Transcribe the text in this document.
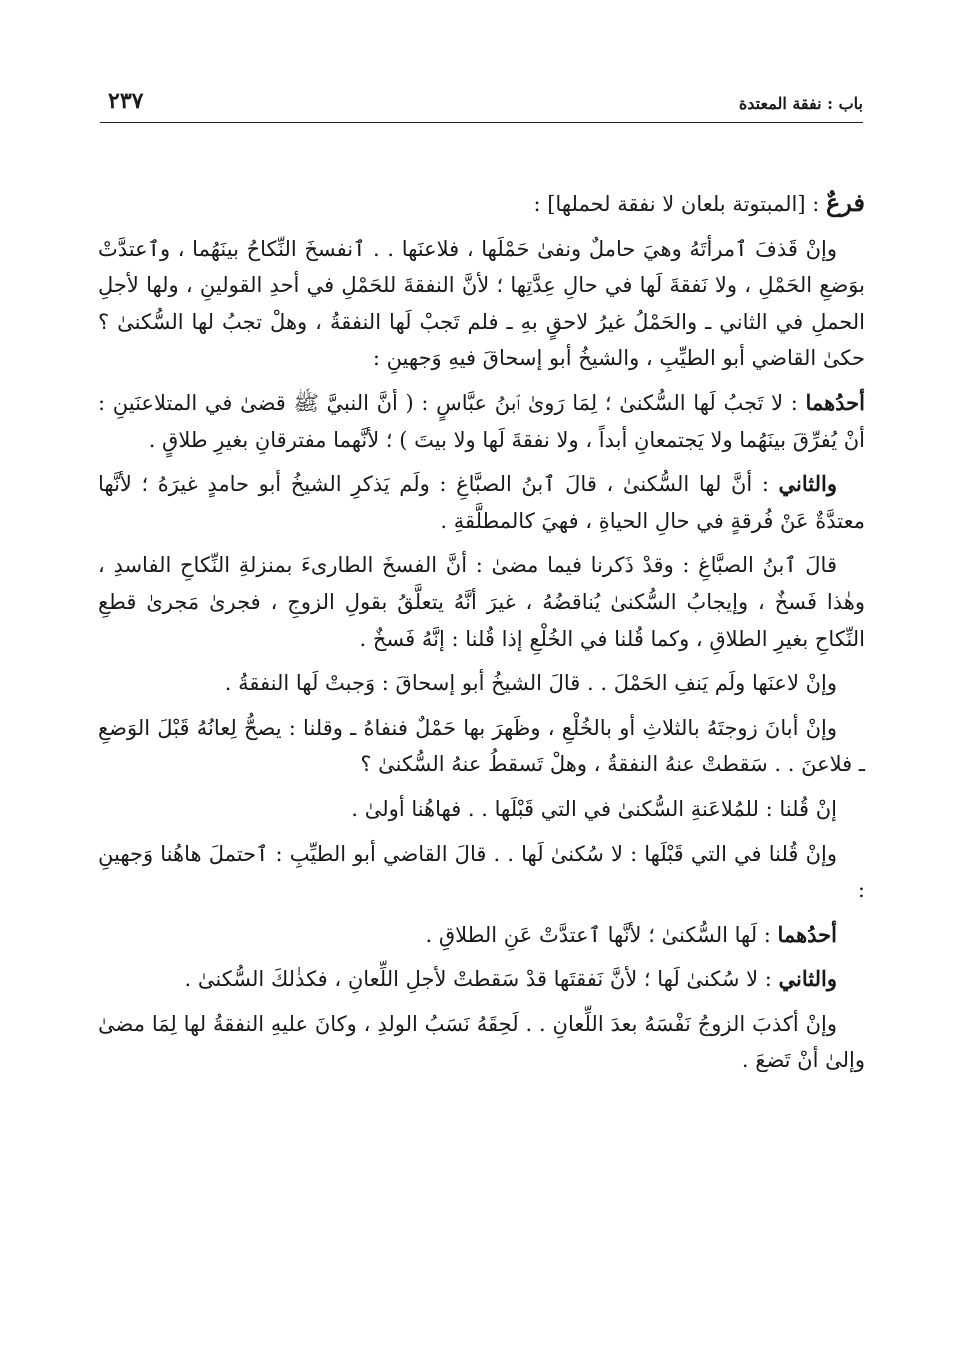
باب : نفقة المعتدة
٢٣٧

فرعٌ : [المبتوتة بلعان لا نفقة لحملها] :

وإنْ قَذفَ ٱمرأتَهُ وهيَ حاملٌ ونفىٰ حَمْلَها ، فلاعنَها . . ٱنفسخَ النِّكاحُ بينَهُما ، وٱعتدَّتْ بوَضعِ الحَمْلِ ، ولا نَفقةَ لَها في حالِ عِدَّتِها ؛ لأنَّ النفقةَ للحَمْلِ في أحدِ القولينِ ، ولها لأجلِ الحملِ في الثاني ـ والحَمْلُ غيرُ لاحقٍ بهِ ـ فلم تَجبْ لَها النفقةُ ، وهلْ تجبُ لها السُّكنىٰ ؟ حكىٰ القاضي أبو الطيِّبِ ، والشيخُ أبو إسحاقَ فيهِ وَجهينِ :

أحدُهما : لا تَجبُ لَها السُّكنىٰ ؛ لِمَا رَوىٰ ٱبنُ عبَّاسٍ : ( أنَّ النبيَّ ﷺ قضىٰ في المتلاعنَينِ : أنْ يُفرِّقَ بينَهُما ولا يَجتمعانِ أبداً ، ولا نفقةَ لَها ولا بيتَ ) ؛ لأنَّهما مفترقانِ بغيرِ طلاقٍ .

والثاني : أنَّ لها السُّكنىٰ ، قالَ ٱبنُ الصبَّاغِ : ولَم يَذكرِ الشيخُ أبو حامدٍ غيرَهُ ؛ لأنَّها معتدَّةٌ عَنْ فُرقةٍ في حالِ الحياةِ ، فهيَ كالمطلَّقةِ .

قالَ ٱبنُ الصبَّاغِ : وقدْ ذَكرنا فيما مضىٰ : أنَّ الفسخَ الطارىءَ بمنزلةِ النِّكاحِ الفاسدِ ، وهٰذا فَسخٌ ، وإيجابُ السُّكنىٰ يُناقضُهُ ، غيرَ أنَّهُ يتعلَّقُ بقولِ الزوجِ ، فجرىٰ مَجرىٰ قطعِ النِّكاحِ بغيرِ الطلاقِ ، وكما قُلنا في الخُلْعِ إذا قُلنا : إنَّهُ فَسخٌ .

وإنْ لاعنَها ولَم يَنفِ الحَمْلَ . . قالَ الشيخُ أبو إسحاقَ : وَجبتْ لَها النفقةُ .

وإنْ أبانَ زوجتَهُ بالثلاثِ أو بالخُلْعِ ، وظَهرَ بها حَمْلٌ فنفاهُ ـ وقلنا : يصحُّ لِعانُهُ قَبْلَ الوَضعِ ـ فلاعنَ . . سَقطتْ عنهُ النفقةُ ، وهلْ تَسقطُ عنهُ السُّكنىٰ ؟

إنْ قُلنا : للمُلاعَنةِ السُّكنىٰ في التي قَبْلَها . . فهاهُنا أولىٰ .

وإنْ قُلنا في التي قَبْلَها : لا سُكنىٰ لَها . . قالَ القاضي أبو الطيِّبِ : ٱحتملَ هاهُنا وَجهينِ :

أحدُهما : لَها السُّكنىٰ ؛ لأنَّها ٱعتدَّتْ عَنِ الطلاقِ .

والثاني : لا سُكنىٰ لَها ؛ لأنَّ نَفقتَها قدْ سَقطتْ لأجلِ اللِّعانِ ، فكذٰلكَ السُّكنىٰ .

وإنْ أكذبَ الزوجُ نَفْسَهُ بعدَ اللِّعانِ . . لَحِقَهُ نَسَبُ الولدِ ، وكانَ عليهِ النفقةُ لها لِمَا مضىٰ وإلىٰ أنْ تَضعَ .
